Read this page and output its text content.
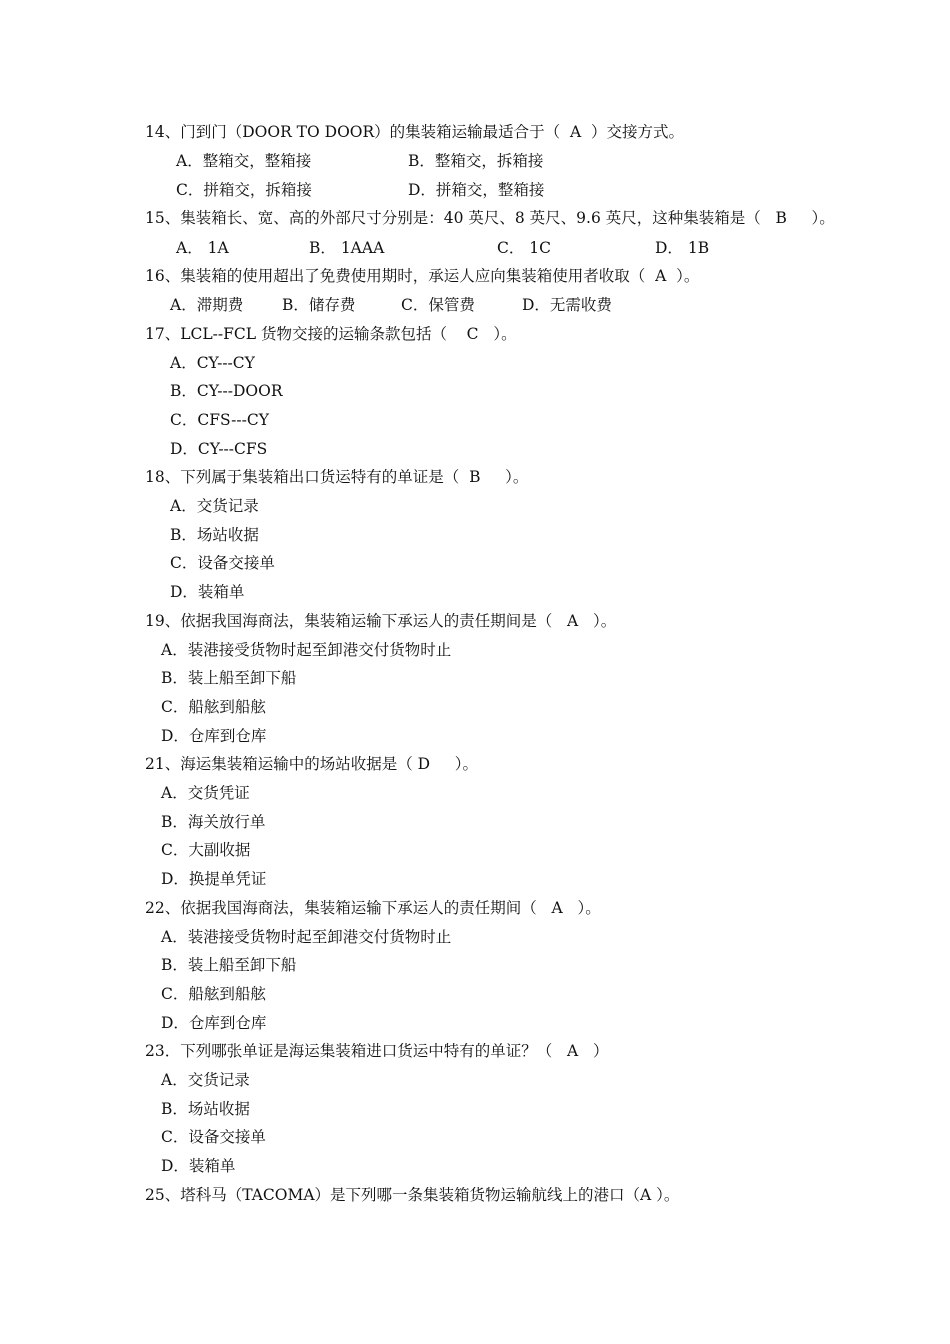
14、门到门（DOOR TO DOOR）的集装箱运输最适合于（  A  ）交接方式。
A．整箱交，整箱接	B．整箱交，拆箱接
C．拼箱交，拆箱接	D．拼箱交，整箱接
15、集装箱长、宽、高的外部尺寸分别是：40 英尺、8 英尺、9.6 英尺，这种集装箱是（   B     ）。
A． 1A	B． 1AAA	C． 1C	D． 1B
16、集装箱的使用超出了免费使用期时，承运人应向集装箱使用者收取（  A  ）。
A．滞期费	B．储存费	C．保管费	D．无需收费
17、LCL--FCL 货物交接的运输条款包括（    C   ）。
A．CY---CY
B．CY---DOOR
C．CFS---CY
D．CY---CFS
18、下列属于集装箱出口货运特有的单证是（  B     ）。
A．交货记录
B．场站收据
C．设备交接单
D．装箱单
19、依据我国海商法，集装箱运输下承运人的责任期间是（   A   ）。
A．装港接受货物时起至卸港交付货物时止
B．装上船至卸下船
C．船舷到船舷
D．仓库到仓库
21、海运集装箱运输中的场站收据是（ D     ）。
A．交货凭证
B．海关放行单
C．大副收据
D．换提单凭证
22、依据我国海商法，集装箱运输下承运人的责任期间（   A   ）。
A．装港接受货物时起至卸港交付货物时止
B．装上船至卸下船
C．船舷到船舷
D．仓库到仓库
23．下列哪张单证是海运集装箱进口货运中特有的单证？（   A   ）
A．交货记录
B．场站收据
C．设备交接单
D．装箱单
25、塔科马（TACOMA）是下列哪一条集装箱货物运输航线上的港口（A ）。
